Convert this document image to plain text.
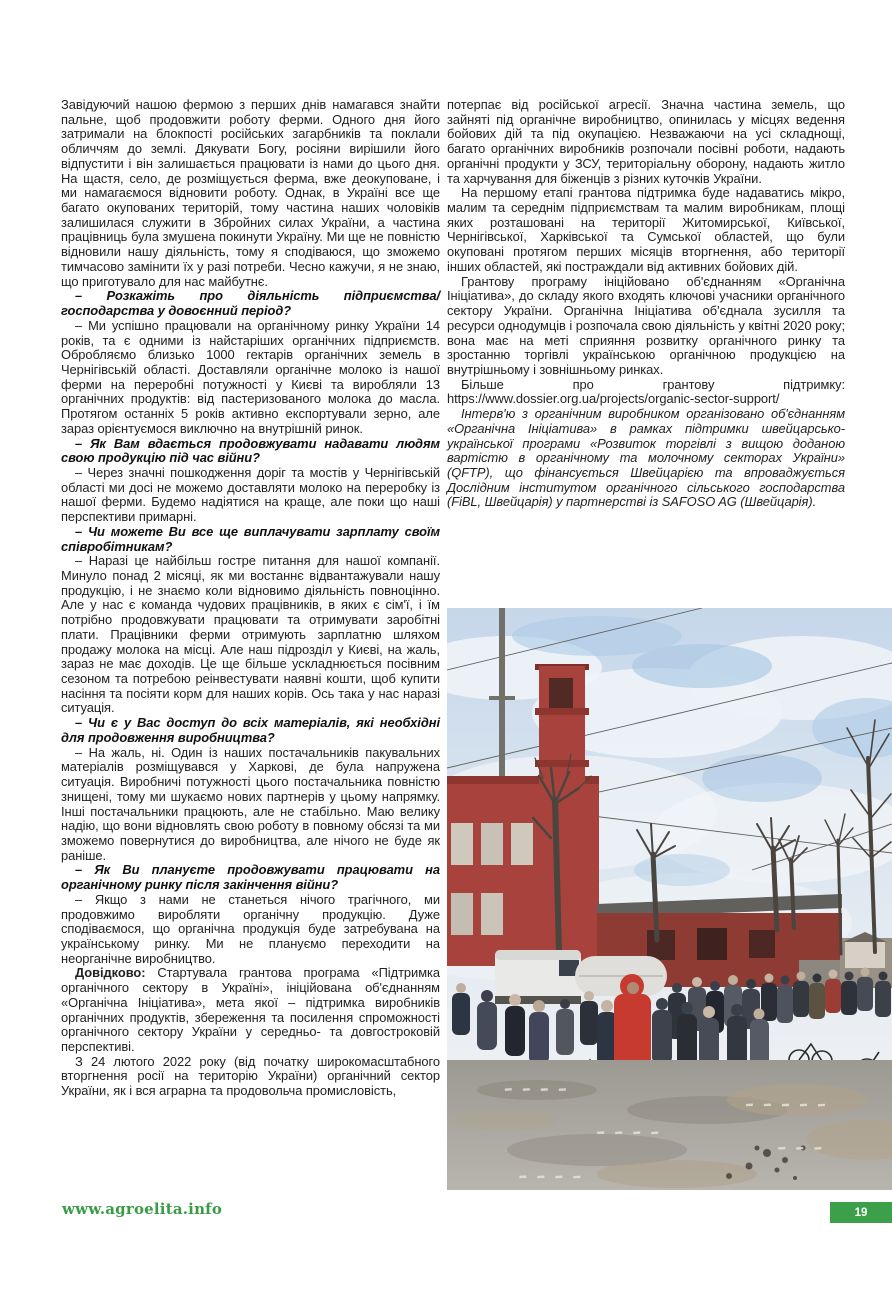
Завідуючий нашою фермою з перших днів намагався знайти пальне, щоб продовжити роботу ферми. Одного дня його затримали на блокпості російських загарбників та поклали обличчям до землі. Дякувати Богу, росіяни вирішили його відпустити і він залишається працювати із нами до цього дня. На щастя, село, де розміщується ферма, вже деокуповане, і ми намагаємося відновити роботу. Однак, в Україні все ще багато окупованих територій, тому частина наших чоловіків залишилася служити в Збройних силах України, а частина працівниць була змушена покинути Україну. Ми ще не повністю відновили нашу діяльність, тому я сподіваюся, що зможемо тимчасово замінити їх у разі потреби. Чесно кажучи, я не знаю, що приготувало для нас майбутнє.

– Розкажіть про діяльність підприємства/господарства у довоєнний період?

– Ми успішно працювали на органічному ринку України 14 років, та є одними із найстаріших органічних підприємств. Обробляємо близько 1000 гектарів органічних земель в Чернігівській області. Доставляли органічне молоко із нашої ферми на переробні потужності у Києві та виробляли 13 органічних продуктів: від пастеризованого молока до масла. Протягом останніх 5 років активно експортували зерно, але зараз орієнтуємося виключно на внутрішній ринок.

– Як Вам вдається продовжувати надавати людям свою продукцію під час війни?

– Через значні пошкодження доріг та мостів у Чернігівській області ми досі не можемо доставляти молоко на переробку із нашої ферми. Будемо надіятися на краще, але поки що наші перспективи примарні.

– Чи можете Ви все ще виплачувати зарплату своїм співробітникам?

– Наразі це найбільш гостре питання для нашої компанії. Минуло понад 2 місяці, як ми востаннє відвантажували нашу продукцію, і не знаємо коли відновимо діяльність повноцінно. Але у нас є команда чудових працівників, в яких є сім'ї, і їм потрібно продовжувати працювати та отримувати заробітні плати. Працівники ферми отримують зарплатню шляхом продажу молока на місці. Але наш підрозділ у Києві, на жаль, зараз не має доходів. Це ще більше ускладнюється посівним сезоном та потребою реінвестувати наявні кошти, щоб купити насіння та посіяти корм для наших корів. Ось така у нас наразі ситуація.

– Чи є у Вас доступ до всіх матеріалів, які необхідні для продовження виробництва?

– На жаль, ні. Один із наших постачальників пакувальних матеріалів розміщувався у Харкові, де була напружена ситуація. Виробничі потужності цього постачальника повністю знищені, тому ми шукаємо нових партнерів у цьому напрямку. Інші постачальники працюють, але не стабільно. Маю велику надію, що вони відновлять свою роботу в повному обсязі та ми зможемо повернутися до виробництва, але нічого не буде як раніше.

– Як Ви плануєте продовжувати працювати на органічному ринку після закінчення війни?

– Якщо з нами не станеться нічого трагічного, ми продовжимо виробляти органічну продукцію. Дуже сподіваємося, що органічна продукція буде затребувана на українському ринку. Ми не плануємо переходити на неорганічне виробництво.

Довідково: Стартувала грантова програма «Підтримка органічного сектору в Україні», ініційована об'єднанням «Органічна Ініціатива», мета якої – підтримка виробників органічних продуктів, збереження та посилення спроможності органічного сектору України у середньо- та довгостроковій перспективі.

З 24 лютого 2022 року (від початку широкомасштабного вторгнення росії на територію України) органічний сектор України, як і вся аграрна та продовольча промисловість,

потерпає від російської агресії. Значна частина земель, що зайняті під органічне виробництво, опинилась у місцях ведення бойових дій та під окупацією. Незважаючи на усі складнощі, багато органічних виробників розпочали посівні роботи, надають органічні продукти у ЗСУ, територіальну оборону, надають житло та харчування для біженців з різних куточків України.

На першому етапі грантова підтримка буде надаватись мікро, малим та середнім підприємствам та малим виробникам, площі яких розташовані на території Житомирської, Київської, Чернігівської, Харківської та Сумської областей, що були окуповані протягом перших місяців вторгнення, або території інших областей, які постраждали від активних бойових дій.

Грантову програму ініційовано об'єднанням «Органічна Ініціатива», до складу якого входять ключові учасники органічного сектору України. Органічна Ініціатива об'єднала зусилля та ресурси однодумців і розпочала свою діяльність у квітні 2020 року; вона має на меті сприяння розвитку органічного ринку та зростанню торгівлі українською органічною продукцією на внутрішньому і зовнішньому ринках.

Більше про грантову підтримку: https://www.dossier.org.ua/projects/organic-sector-support/

Інтерв'ю з органічним виробником організовано об'єднанням «Органічна Ініціатива» в рамках підтримки швейцарсько-української програми «Розвиток торгівлі з вищою доданою вартістю в органічному та молочному секторах України» (QFTP), що фінансується Швейцарією та впроваджується Дослідним інститутом органічного сільського господарства (FiBL, Швейцарія) у партнерстві із SAFOSO AG (Швейцарія).

www.agroelita.info	19
